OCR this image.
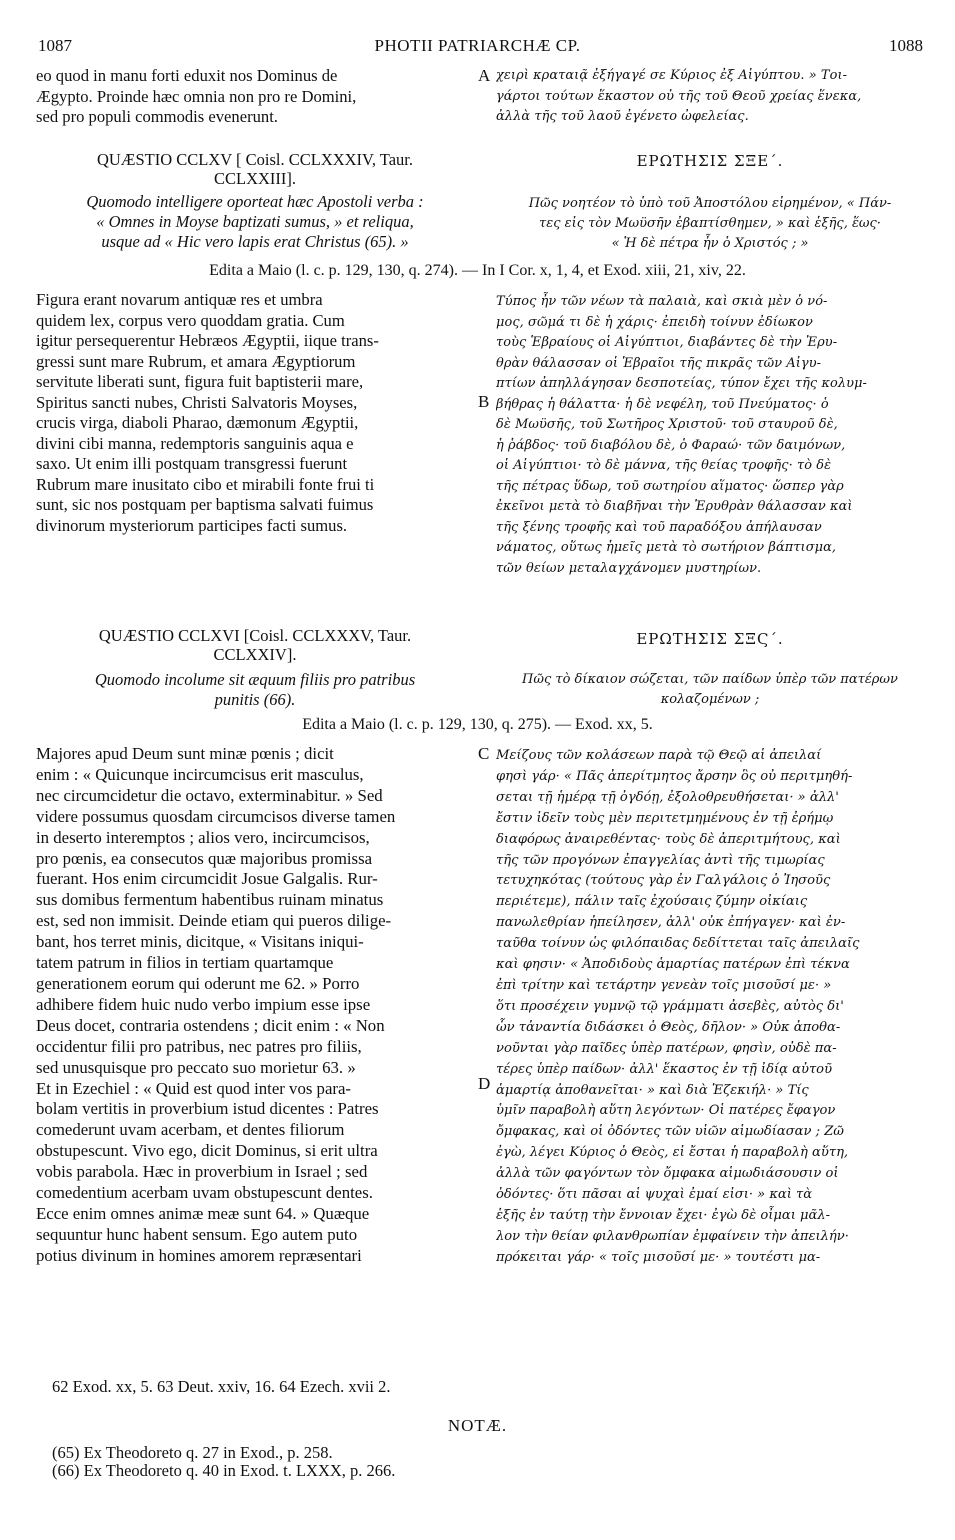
PHOTII PATRIARCHÆ CP.
1087	1088
eo quod in manu forti eduxit nos Dominus de
Ægypto. Proinde hæc omnia non pro re Domini,
sed pro populi commodis evenerunt.
χειρὶ κραταιᾷ ἐξήγαγέ σε Κύριος ἐξ Αἰγύπτου. » Τοι-
γάρτοι τούτων ἕκαστον οὐ τῆς τοῦ Θεοῦ χρείας ἕνεκα,
ἀλλὰ τῆς τοῦ λαοῦ ἐγένετο ὠφελείας.
A
QUÆSTIO CCLXV [ Coisl. CCLXXXIV, Taur.
CCLXXIII].
ΕΡΩΤΗΣΙΣ ΣΞΕ΄.
Quomodo intelligere oporteat hæc Apostoli verba :
« Omnes in Moyse baptizati sumus, » et reliqua,
usque ad « Hic vero lapis erat Christus (65). »
Πῶς νοητέον τὸ ὑπὸ τοῦ Ἀποστόλου εἰρημένον, « Πάν-
τες εἰς τὸν Μωϋσῆν ἐβαπτίσθημεν, » καὶ ἑξῆς, ἕως·
« Ἡ δὲ πέτρα ἦν ὁ Χριστός ; »
Edita a Maio (l. c. p. 129, 130, q. 274). — In I Cor. x, 1, 4, et Exod. xiii, 21, xiv, 22.
Figura erant novarum antiquæ res et umbra
quidem lex, corpus vero quoddam gratia. Cum
igitur persequerentur Hebræos Ægyptii, iique trans-
gressi sunt mare Rubrum, et amara Ægyptiorum
servitute liberati sunt, figura fuit baptisterii mare,
Spiritus sancti nubes, Christi Salvatoris Moyses,
crucis virga, diaboli Pharao, dæmonum Ægyptii,
divini cibi manna, redemptoris sanguinis aqua e
saxo. Ut enim illi postquam transgressi fuerunt
Rubrum mare inusitato cibo et mirabili fonte frui ti
sunt, sic nos postquam per baptisma salvati fuimus
divinorum mysteriorum participes facti sumus.
Τύπος ἦν τῶν νέων τὰ παλαιὰ, καὶ σκιὰ μὲν ὁ νό-
μος, σῶμά τι δὲ ἡ χάρις· ἐπειδὴ τοίνυν ἐδίωκον
τοὺς Ἑβραίους οἱ Αἰγύπτιοι, διαβάντες δὲ τὴν Ἐρυ-
θρὰν θάλασσαν οἱ Ἑβραῖοι τῆς πικρᾶς τῶν Αἰγυ-
πτίων ἀπηλλάγησαν δεσποτείας, τύπον ἔχει τῆς κολυμ-
βήθρας ἡ θάλαττα· ἡ δὲ νεφέλη, τοῦ Πνεύματος· ὁ
δὲ Μωϋσῆς, τοῦ Σωτῆρος Χριστοῦ· τοῦ σταυροῦ δὲ,
ἡ ῥάβδος· τοῦ διαβόλου δὲ, ὁ Φαραώ· τῶν δαιμόνων,
οἱ Αἰγύπτιοι· τὸ δὲ μάννα, τῆς θείας τροφῆς· τὸ δὲ
τῆς πέτρας ὕδωρ, τοῦ σωτηρίου αἵματος· ὥσπερ γὰρ
ἐκεῖνοι μετὰ τὸ διαβῆναι τὴν Ἐρυθρὰν θάλασσαν καὶ
τῆς ξένης τροφῆς καὶ τοῦ παραδόξου ἀπήλαυσαν
νάματος, οὕτως ἡμεῖς μετὰ τὸ σωτήριον βάπτισμα,
τῶν θείων μεταλαγχάνομεν μυστηρίων.
B
QUÆSTIO CCLXVI [Coisl. CCLXXXV, Taur.
CCLXXIV].
ΕΡΩΤΗΣΙΣ ΣΞϚ΄.
Quomodo incolume sit æquum filiis pro patribus
punitis (66).
Πῶς τὸ δίκαιον σώζεται, τῶν παίδων ὑπὲρ τῶν πατέρων
κολαζομένων ;
Edita a Maio (l. c. p. 129, 130, q. 275). — Exod. xx, 5.
Majores apud Deum sunt minæ pœnis ; dicit
enim : « Quicunque incircumcisus erit masculus,
nec circumcidetur die octavo, exterminabitur. » Sed
videre possumus quosdam circumcisos diverse tamen
in deserto interemptos ; alios vero, incircumcisos,
pro pœnis, ea consecutos quæ majoribus promissa
fuerant. Hos enim circumcidit Josue Galgalis. Rur-
sus domibus fermentum habentibus ruinam minatus
est, sed non immisit. Deinde etiam qui pueros dilige-
bant, hos terret minis, dicitque, « Visitans iniqui-
tatem patrum in filios in tertiam quartamque
generationem eorum qui oderunt me 62. » Porro
adhibere fidem huic nudo verbo impium esse ipse
Deus docet, contraria ostendens ; dicit enim : « Non
occidentur filii pro patribus, nec patres pro filiis,
sed unusquisque pro peccato suo morietur 63. »
Et in Ezechiel : « Quid est quod inter vos para-
bolam vertitis in proverbium istud dicentes : Patres
comederunt uvam acerbam, et dentes filiorum
obstupescunt. Vivo ego, dicit Dominus, si erit ultra
vobis parabola. Hæc in proverbium in Israel ; sed
comedentium acerbam uvam obstupescunt dentes.
Ecce enim omnes animæ meæ sunt 64. » Quæque
sequuntur hunc habent sensum. Ego autem puto
potius divinum in homines amorem repræsentari
Μείζους τῶν κολάσεων παρὰ τῷ Θεῷ αἱ ἀπειλαί
φησὶ γάρ· « Πᾶς ἀπερίτμητος ἄρσην ὃς οὐ περιτμηθή-
σεται τῇ ἡμέρᾳ τῇ ὀγδόῃ, ἐξολοθρευθήσεται· » ἀλλ'
ἔστιν ἰδεῖν τοὺς μὲν περιτετμημένους ἐν τῇ ἐρήμῳ
διαφόρως ἀναιρεθέντας· τοὺς δὲ ἀπεριτμήτους, καὶ
τῆς τῶν προγόνων ἐπαγγελίας ἀντὶ τῆς τιμωρίας
τετυχηκότας (τούτους γὰρ ἐν Γαλγάλοις ὁ Ἰησοῦς
περιέτεμε), πάλιν ταῖς ἐχούσαις ζύμην οἰκίαις
πανωλεθρίαν ἠπείλησεν, ἀλλ' οὐκ ἐπήγαγεν· καὶ ἐν-
ταῦθα τοίνυν ὡς φιλόπαιδας δεδίττεται ταῖς ἀπειλαῖς
καὶ φησιν· « Ἀποδιδοὺς ἁμαρτίας πατέρων ἐπὶ τέκνα
ἐπὶ τρίτην καὶ τετάρτην γενεὰν τοῖς μισοῦσί με· »
ὅτι προσέχειν γυμνῷ τῷ γράμματι ἀσεβὲς, αὐτὸς δι'
ὧν τἀναντία διδάσκει ὁ Θεὸς, δῆλον· » Οὐκ ἀποθα-
νοῦνται γὰρ παῖδες ὑπὲρ πατέρων, φησὶν, οὐδὲ πα-
τέρες ὑπὲρ παίδων· ἀλλ' ἕκαστος ἐν τῇ ἰδίᾳ αὐτοῦ
ἁμαρτίᾳ ἀποθανεῖται· » καὶ διὰ Ἐζεκιήλ· » Τίς
ὑμῖν παραβολὴ αὕτη λεγόντων· Οἱ πατέρες ἔφαγον
ὄμφακας, καὶ οἱ ὀδόντες τῶν υἱῶν αἱμωδίασαν ; Ζῶ
ἐγὼ, λέγει Κύριος ὁ Θεὸς, εἰ ἔσται ἡ παραβολὴ αὕτη,
ἀλλὰ τῶν φαγόντων τὸν ὄμφακα αἱμωδιάσουσιν οἱ
ὀδόντες· ὅτι πᾶσαι αἱ ψυχαὶ ἐμαί εἰσι· » καὶ τὰ
ἑξῆς ἐν ταύτῃ τὴν ἔννοιαν ἔχει· ἐγὼ δὲ οἶμαι μᾶλ-
λον τὴν θείαν φιλανθρωπίαν ἐμφαίνειν τὴν ἀπειλήν·
πρόκειται γάρ· « τοῖς μισοῦσί με· » τουτέστι μα-
C
D
62 Exod. xx, 5. 63 Deut. xxiv, 16. 64 Ezech. xvii 2.
NOTÆ.
(65) Ex Theodoreto q. 27 in Exod., p. 258.
(66) Ex Theodoreto q. 40 in Exod. t. LXXX, p. 266.
